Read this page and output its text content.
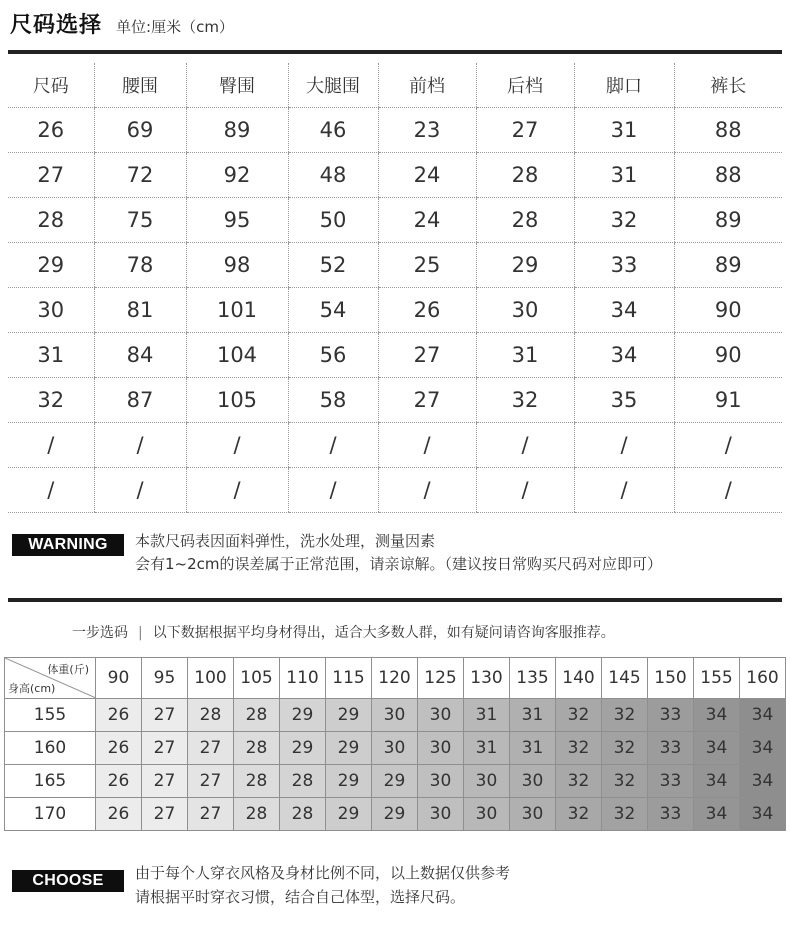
尺码选择 单位:厘米（cm）
尺码	腰围	臀围	大腿围	前档	后档	脚口	裤长
26	69	89	46	23	27	31	88
27	72	92	48	24	28	31	88
28	75	95	50	24	28	32	89
29	78	98	52	25	29	33	89
30	81	101	54	26	30	34	90
31	84	104	56	27	31	34	90
32	87	105	58	27	32	35	91
/	/	/	/	/	/	/	/
/	/	/	/	/	/	/	/
WARNING	本款尺码表因面料弹性，洗水处理，测量因素
会有1~2cm的误差属于正常范围，请亲谅解。（建议按日常购买尺码对应即可）
一步选码 | 以下数据根据平均身材得出，适合大多数人群，如有疑问请咨询客服推荐。
体重(斤)
身高(cm)	90	95	100	105	110	115	120	125	130	135	140	145	150	155	160
155	26	27	28	28	29	29	30	30	31	31	32	32	33	34	34
160	26	27	27	28	29	29	30	30	31	31	32	32	33	34	34
165	26	27	27	28	28	29	29	30	30	30	32	32	33	34	34
170	26	27	27	28	28	29	29	30	30	30	32	32	33	34	34
CHOOSE	由于每个人穿衣风格及身材比例不同，以上数据仅供参考
请根据平时穿衣习惯，结合自己体型，选择尺码。
